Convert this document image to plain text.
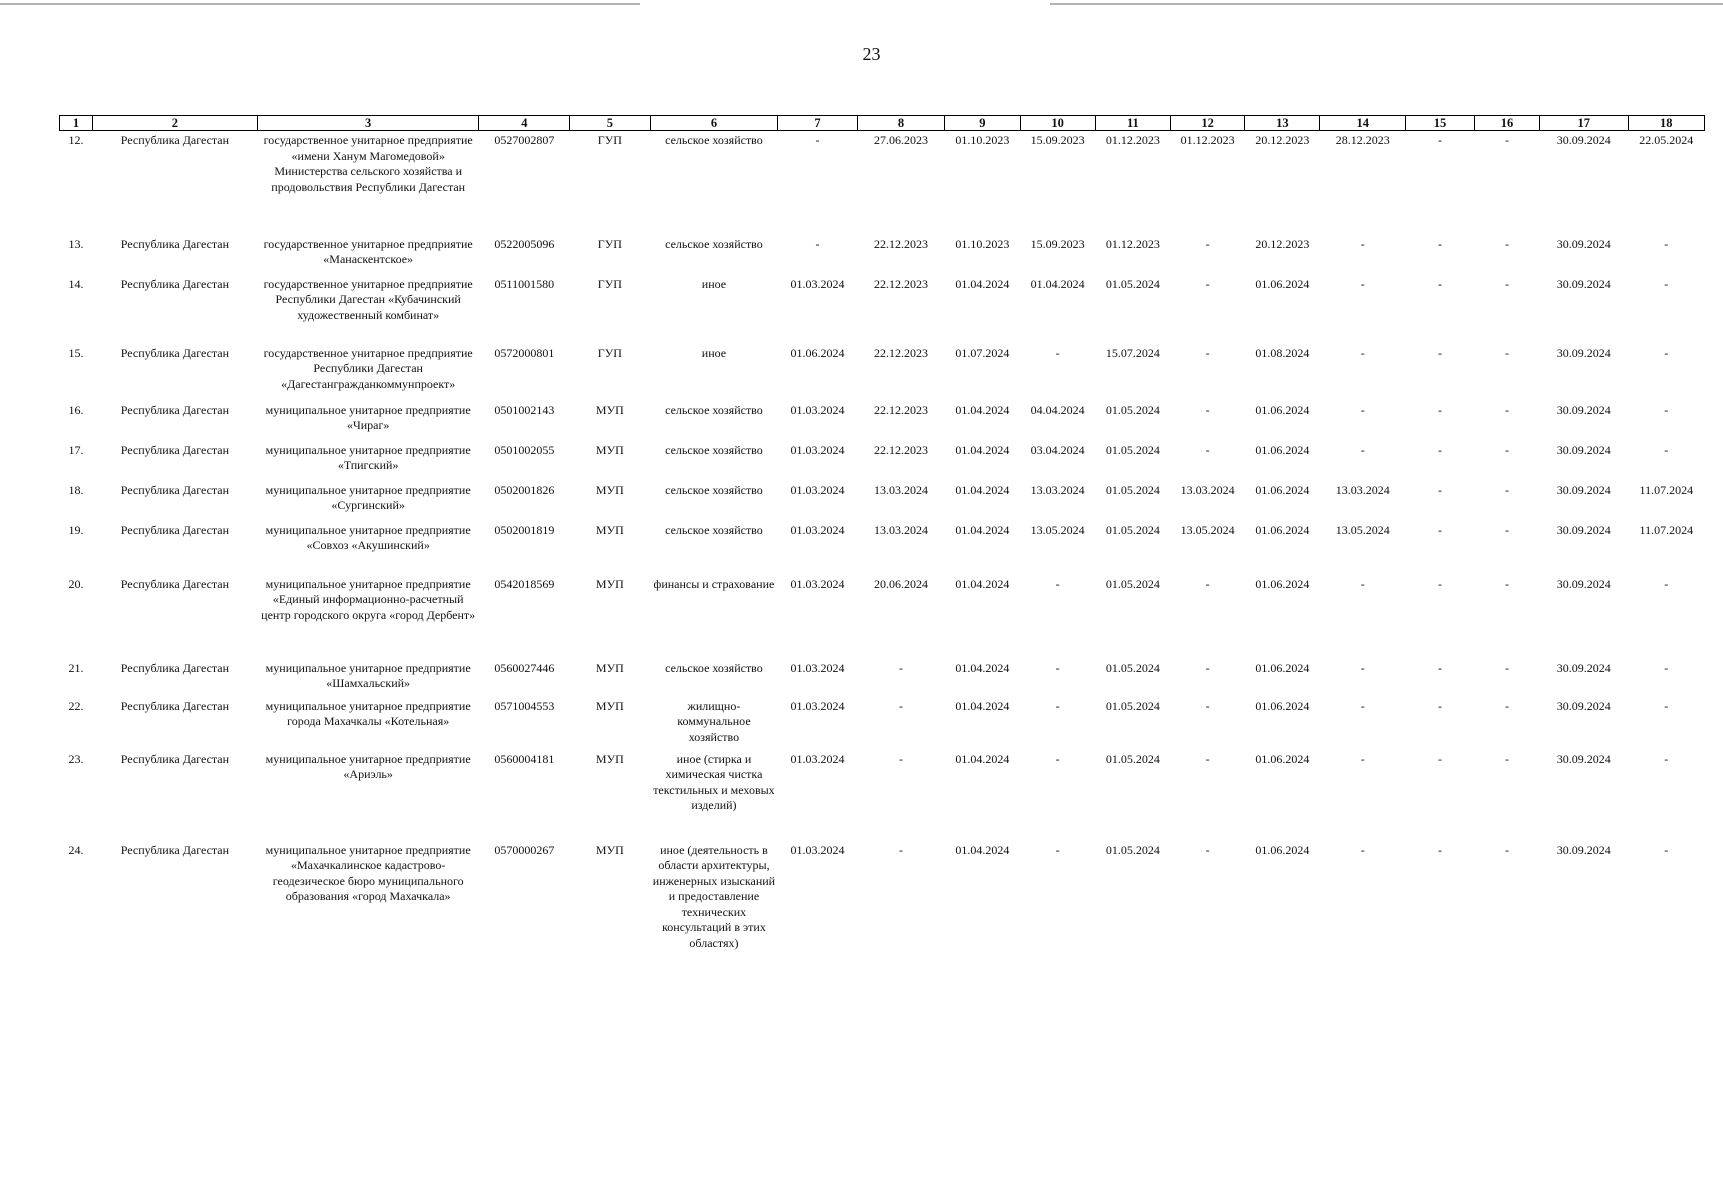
23
1	2	3	4	5	6	7	8	9	10	11	12	13	14	15	16	17	18
12.	Республика Дагестан	государственное унитарное предприятие «имени Ханум Магомедовой» Министерства сельского хозяйства и продовольствия Республики Дагестан	0527002807	ГУП	сельское хозяйство	-	27.06.2023	01.10.2023	15.09.2023	01.12.2023	01.12.2023	20.12.2023	28.12.2023	-	-	30.09.2024	22.05.2024
13.	Республика Дагестан	государственное унитарное предприятие «Манаскентское»	0522005096	ГУП	сельское хозяйство	-	22.12.2023	01.10.2023	15.09.2023	01.12.2023	-	20.12.2023	-	-	-	30.09.2024	-
14.	Республика Дагестан	государственное унитарное предприятие Республики Дагестан «Кубачинский художественный комбинат»	0511001580	ГУП	иное	01.03.2024	22.12.2023	01.04.2024	01.04.2024	01.05.2024	-	01.06.2024	-	-	-	30.09.2024	-
15.	Республика Дагестан	государственное унитарное предприятие Республики Дагестан «Дагестангражданкоммунпроект»	0572000801	ГУП	иное	01.06.2024	22.12.2023	01.07.2024	-	15.07.2024	-	01.08.2024	-	-	-	30.09.2024	-
16.	Республика Дагестан	муниципальное унитарное предприятие «Чираг»	0501002143	МУП	сельское хозяйство	01.03.2024	22.12.2023	01.04.2024	04.04.2024	01.05.2024	-	01.06.2024	-	-	-	30.09.2024	-
17.	Республика Дагестан	муниципальное унитарное предприятие «Тпигский»	0501002055	МУП	сельское хозяйство	01.03.2024	22.12.2023	01.04.2024	03.04.2024	01.05.2024	-	01.06.2024	-	-	-	30.09.2024	-
18.	Республика Дагестан	муниципальное унитарное предприятие «Сургинский»	0502001826	МУП	сельское хозяйство	01.03.2024	13.03.2024	01.04.2024	13.03.2024	01.05.2024	13.03.2024	01.06.2024	13.03.2024	-	-	30.09.2024	11.07.2024
19.	Республика Дагестан	муниципальное унитарное предприятие «Совхоз «Акушинский»	0502001819	МУП	сельское хозяйство	01.03.2024	13.03.2024	01.04.2024	13.05.2024	01.05.2024	13.05.2024	01.06.2024	13.05.2024	-	-	30.09.2024	11.07.2024
20.	Республика Дагестан	муниципальное унитарное предприятие «Единый информационно-расчетный центр городского округа «город Дербент»	0542018569	МУП	финансы и страхование	01.03.2024	20.06.2024	01.04.2024	-	01.05.2024	-	01.06.2024	-	-	-	30.09.2024	-
21.	Республика Дагестан	муниципальное унитарное предприятие «Шамхальский»	0560027446	МУП	сельское хозяйство	01.03.2024	-	01.04.2024	-	01.05.2024	-	01.06.2024	-	-	-	30.09.2024	-
22.	Республика Дагестан	муниципальное унитарное предприятие города Махачкалы «Котельная»	0571004553	МУП	жилищно-коммунальное хозяйство	01.03.2024	-	01.04.2024	-	01.05.2024	-	01.06.2024	-	-	-	30.09.2024	-
23.	Республика Дагестан	муниципальное унитарное предприятие «Ариэль»	0560004181	МУП	иное (стирка и химическая чистка текстильных и меховых изделий)	01.03.2024	-	01.04.2024	-	01.05.2024	-	01.06.2024	-	-	-	30.09.2024	-
24.	Республика Дагестан	муниципальное унитарное предприятие «Махачкалинское кадастрово-геодезическое бюро муниципального образования «город Махачкала»	0570000267	МУП	иное (деятельность в области архитектуры, инженерных изысканий и предоставление технических консультаций в этих областях)	01.03.2024	-	01.04.2024	-	01.05.2024	-	01.06.2024	-	-	-	30.09.2024	-
